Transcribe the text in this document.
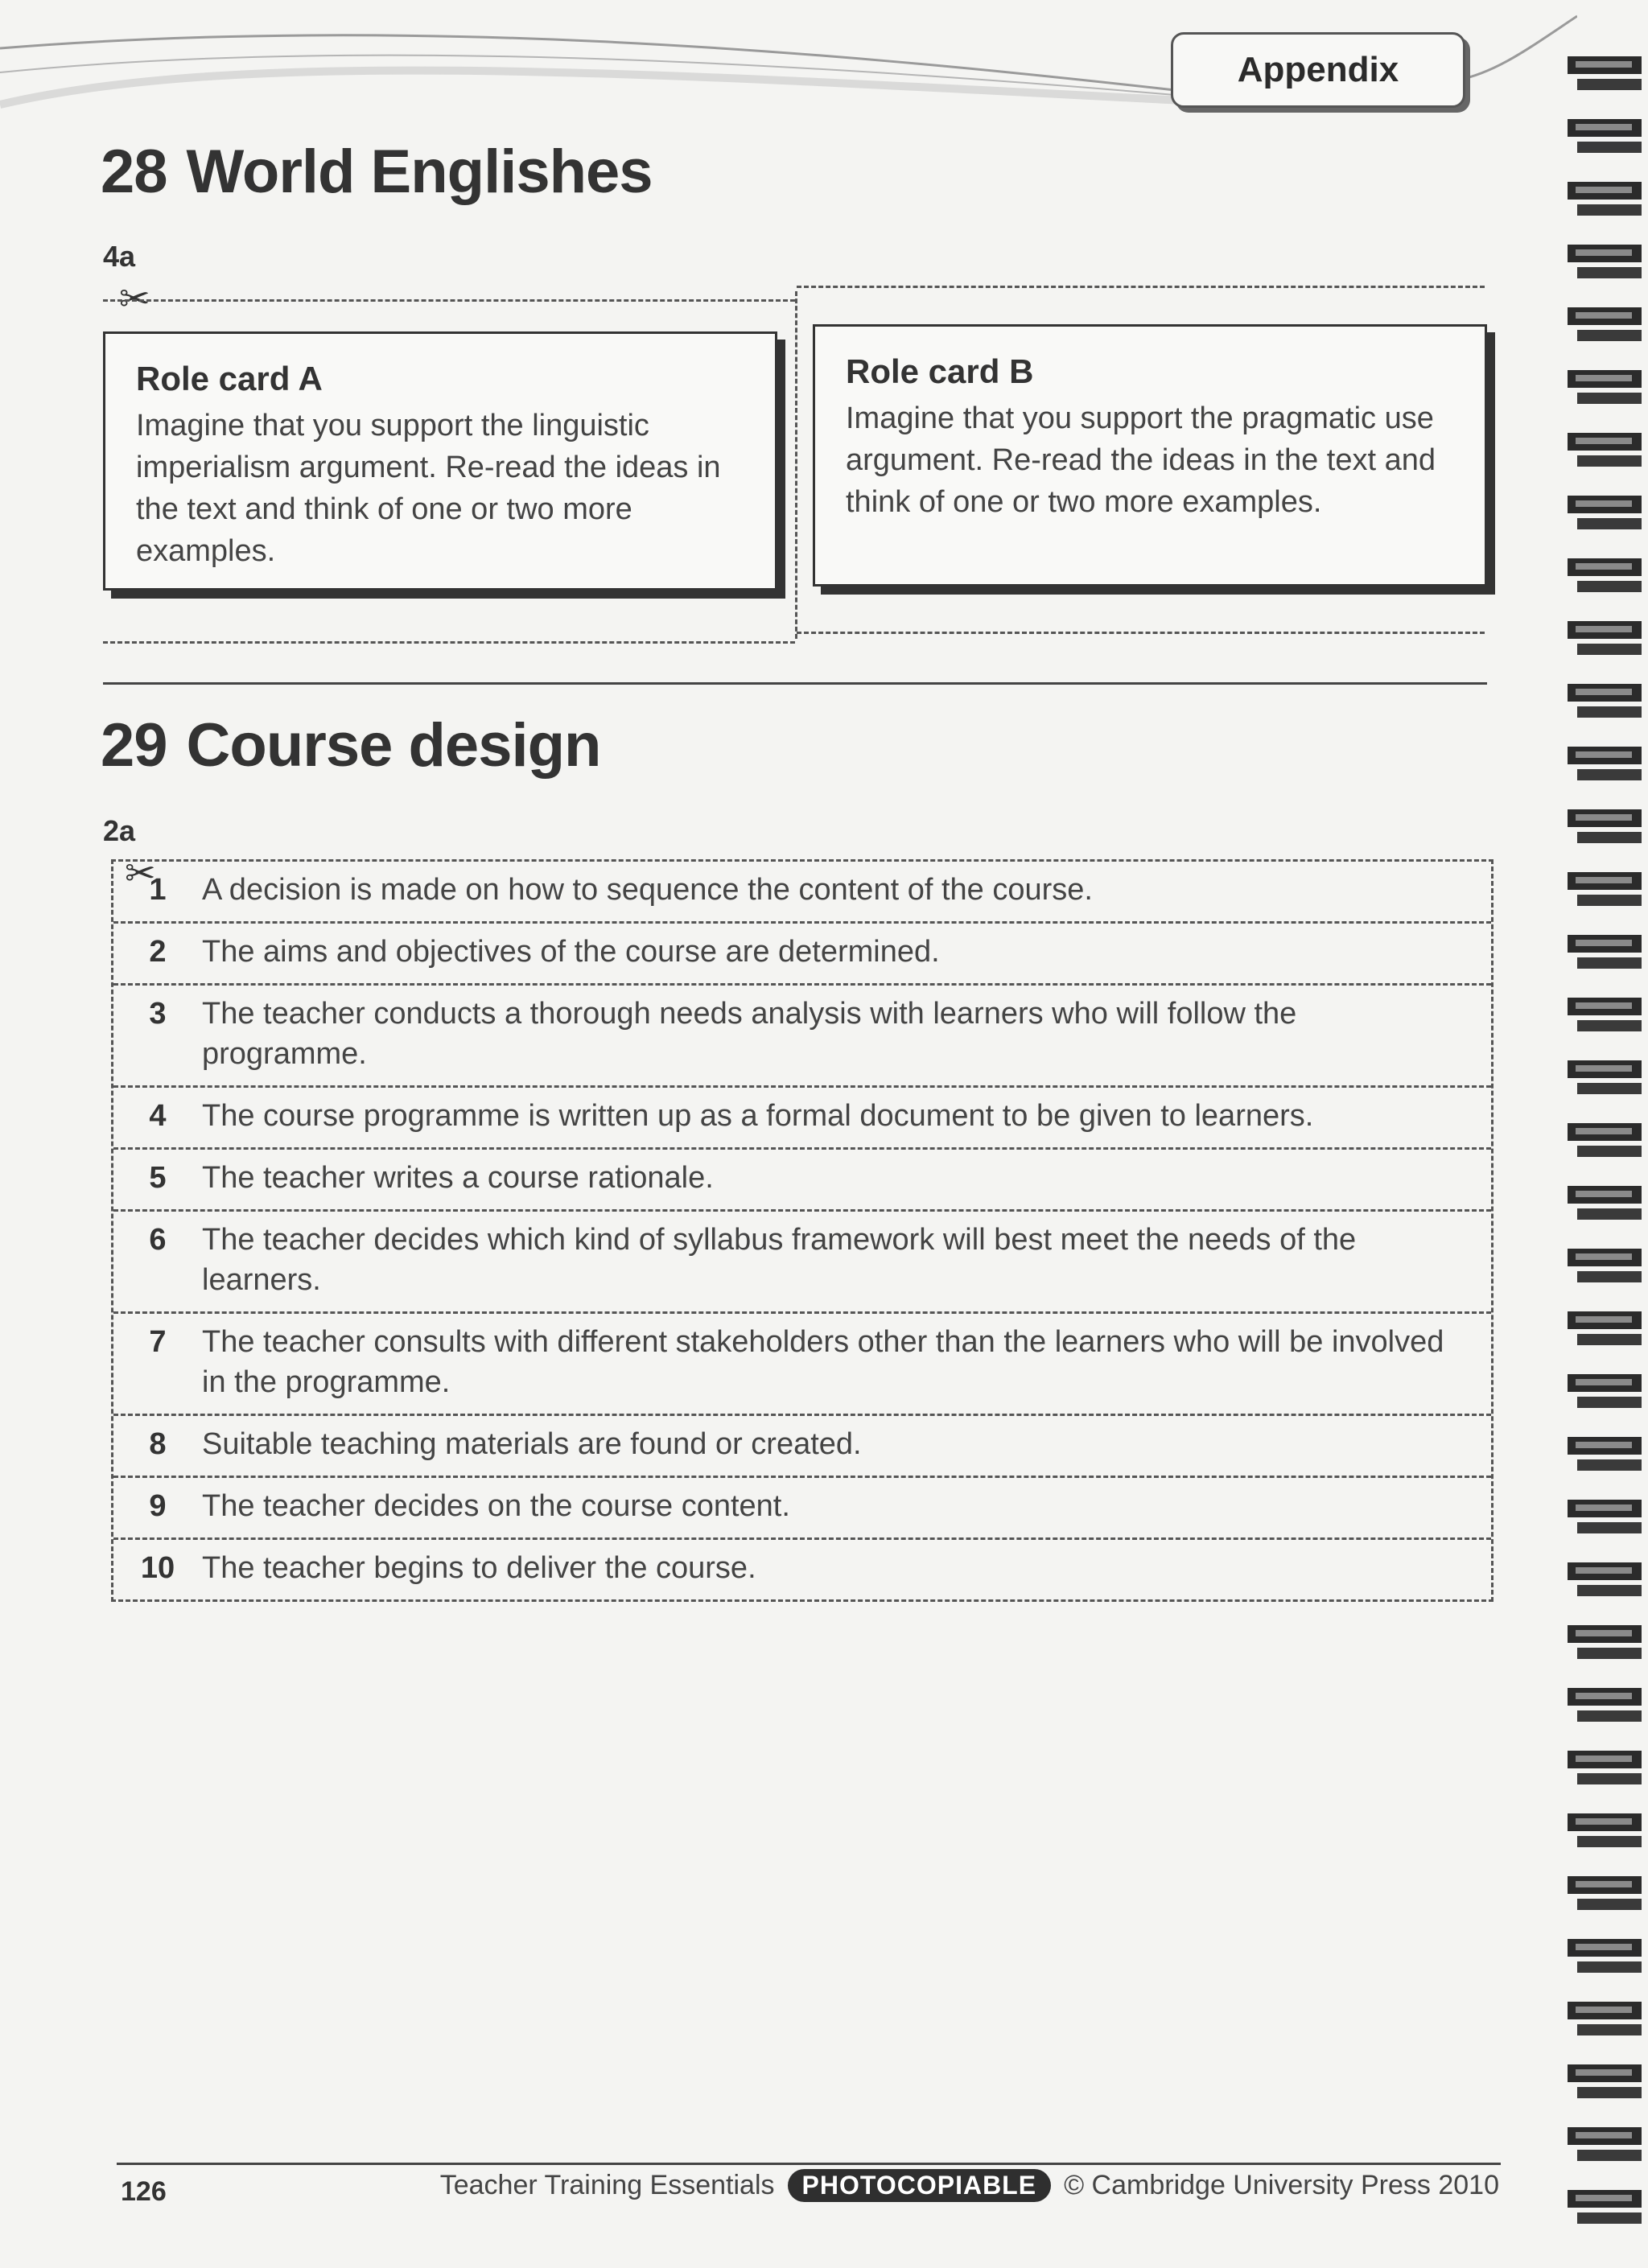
Appendix
28 World Englishes
4a
✂
Role card A
Imagine that you support the linguistic imperialism argument. Re-read the ideas in the text and think of one or two more examples.
Role card B
Imagine that you support the pragmatic use argument. Re-read the ideas in the text and think of one or two more examples.
29 Course design
2a
✂
1	A decision is made on how to sequence the content of the course.
2	The aims and objectives of the course are determined.
3	The teacher conducts a thorough needs analysis with learners who will follow the programme.
4	The course programme is written up as a formal document to be given to learners.
5	The teacher writes a course rationale.
6	The teacher decides which kind of syllabus framework will best meet the needs of the learners.
7	The teacher consults with different stakeholders other than the learners who will be involved in the programme.
8	Suitable teaching materials are found or created.
9	The teacher decides on the course content.
10 The teacher begins to deliver the course.
126	Teacher Training Essentials	PHOTOCOPIABLE	© Cambridge University Press 2010
